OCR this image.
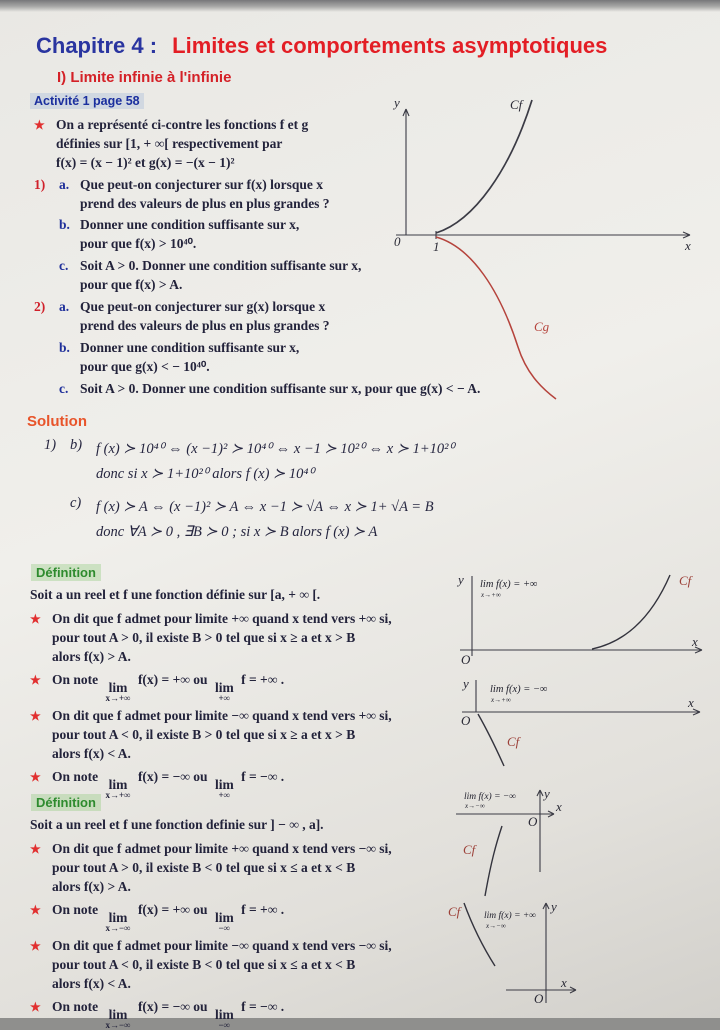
Chapitre 4 : Limites et comportements asymptotiques
I) Limite infinie à l'infinie
Activité 1 page 58
★ On a représenté ci-contre les fonctions f et g
définies sur [1, + ∞[ respectivement par
f(x) = (x − 1)² et g(x) = −(x − 1)²
1)	a. Que peut-on conjecturer sur f(x) lorsque x
prend des valeurs de plus en plus grandes ?
b. Donner une condition suffisante sur x,
pour que f(x) > 10⁴⁰.
c. Soit A > 0. Donner une condition suffisante sur x,
pour que f(x) > A.
2)	a. Que peut-on conjecturer sur g(x) lorsque x
prend des valeurs de plus en plus grandes ?
b. Donner une condition suffisante sur x,
pour que g(x) < − 10⁴⁰.
c. Soit A > 0. Donner une condition suffisante sur x, pour que g(x) < − A.
y
x
0	1
Cf
Cg
Solution
1) b) f (x) ≻ 10⁴⁰ ⇔ (x −1)² ≻ 10⁴⁰ ⇔ x −1 ≻ 10²⁰ ⇔ x ≻ 1+10²⁰
donc si x ≻ 1+10²⁰ alors f (x) ≻ 10⁴⁰
c)	f (x) ≻ A ⇔ (x −1)² ≻ A ⇔ x −1 ≻ √A ⇔ x ≻ 1+ √A = B
donc ∀A ≻ 0 , ∃B ≻ 0 ; si x ≻ B alors f (x) ≻ A
Définition
Soit a un reel et f une fonction définie sur [a, + ∞ [.
★ On dit que f admet pour limite +∞ quand x tend vers +∞ si,
pour tout A > 0, il existe B > 0 tel que si x ≥ a et x > B
alors f(x) > A.
★ On note
lim
x→+∞
f(x) = +∞ ou
lim
+∞
f = +∞ .
★ On dit que f admet pour limite −∞ quand x tend vers +∞ si,
pour tout A < 0, il existe B > 0 tel que si x ≥ a et x > B
alors f(x) < A.
★ On note
lim
x→+∞
f(x) = −∞ ou
lim
+∞
f = −∞ .
y
x
O
lim f(x) = +∞
x→+∞
Cf
y
x
O
lim f(x) = −∞
x→+∞
Cf
Définition
Soit a un reel et f une fonction definie sur ] − ∞ , a].
★ On dit que f admet pour limite +∞ quand x tend vers −∞ si,
pour tout A > 0, il existe B < 0 tel que si x ≤ a et x < B
alors f(x) > A.
★ On note
lim
x→−∞
f(x) = +∞ ou
lim
−∞
f = +∞ .
★ On dit que f admet pour limite −∞ quand x tend vers −∞ si,
pour tout A < 0, il existe B < 0 tel que si x ≤ a et x < B
alors f(x) < A.
★ On note
lim
x→−∞
f(x) = −∞ ou
lim
−∞
f = −∞ .
y
x
O
lim f(x) = −∞
x→−∞
Cf
Cf lim f(x) = +∞
x→−∞
y
O
x
